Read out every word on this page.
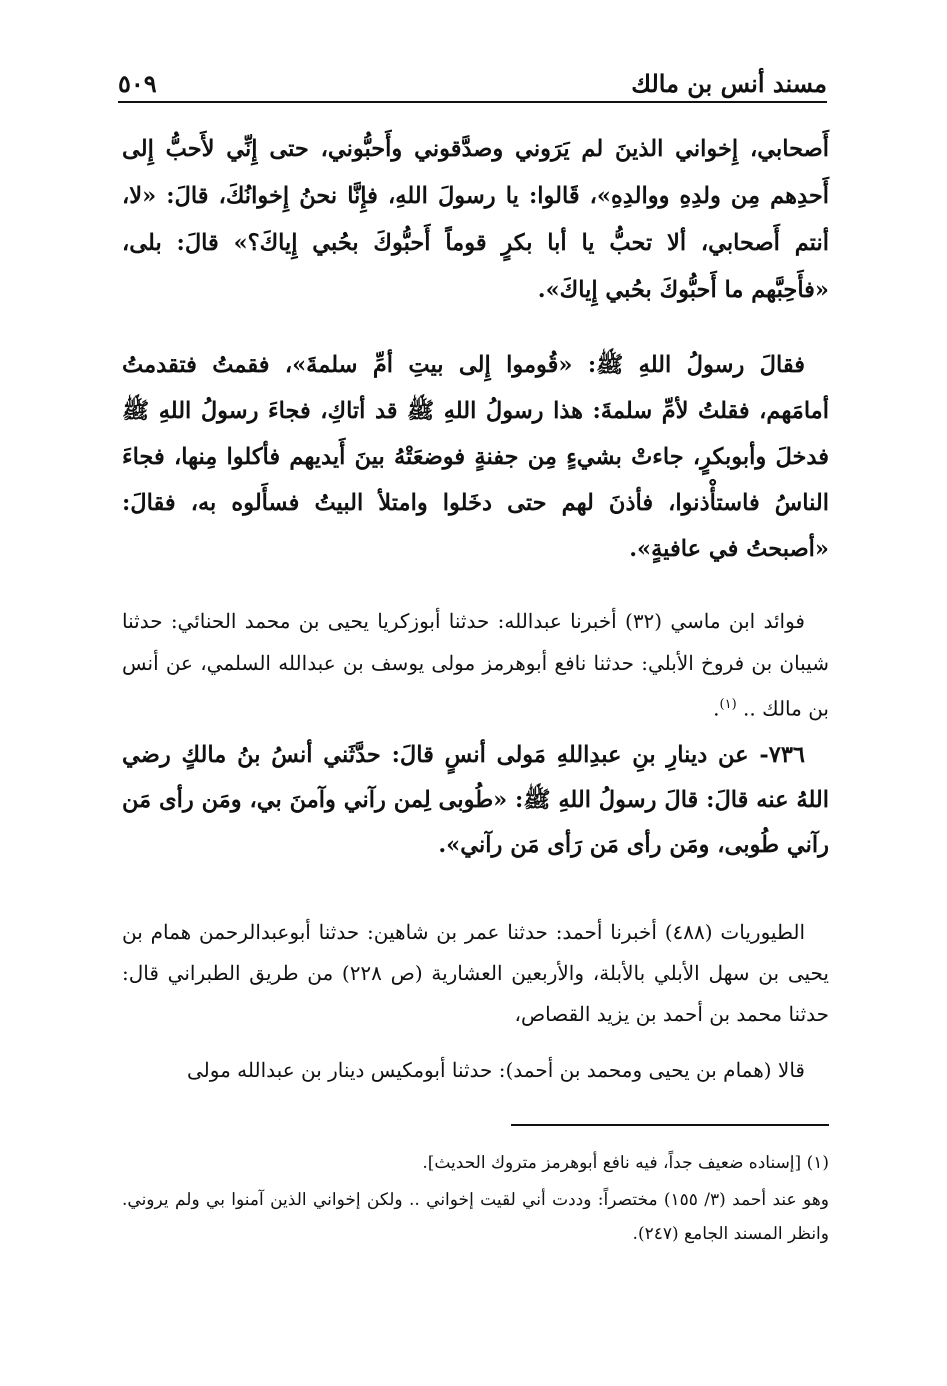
مسند أنس بن مالك
٥٠٩

أَصحابي، إِخواني الذينَ لم يَرَوني وصدَّقوني وأَحبُّوني، حتى إِنِّي لأَحبُّ إِلى أَحدِهم مِن ولدِهِ ووالدِهِ»، قَالوا: يا رسولَ اللهِ، فإِنَّا نحنُ إِخوانُكَ، قالَ: «لا، أنتم أَصحابي، ألا تحبُّ يا أبا بكرٍ قوماً أَحبُّوكَ بحُبي إِياكَ؟» قالَ: بلى، «فأَحِبَّهم ما أَحبُّوكَ بحُبي إِياكَ».

فقالَ رسولُ اللهِ ﷺ: «قُوموا إِلى بيتِ أمِّ سلمةَ»، فقمتُ فتقدمتُ أمامَهم، فقلتُ لأمِّ سلمةَ: هذا رسولُ اللهِ ﷺ قد أتاكِ، فجاءَ رسولُ اللهِ ﷺ فدخلَ وأبوبكرٍ، جاءتْ بشيءٍ مِن جفنةٍ فوضعَتْهُ بينَ أَيديهم فأكلوا مِنها، فجاءَ الناسُ فاستأْذنوا، فأذنَ لهم حتى دخَلوا وامتلأ البيتُ فسأَلوه به، فقالَ: «أصبحتُ في عافيةٍ».

فوائد ابن ماسي (٣٢) أخبرنا عبدالله: حدثنا أبوزكريا يحيى بن محمد الحنائي: حدثنا شيبان بن فروخ الأبلي: حدثنا نافع أبوهرمز مولى يوسف بن عبدالله السلمي، عن أنس بن مالك .. $^{(١)}$.

٧٣٦- عن دينارِ بنِ عبدِاللهِ مَولى أنسٍ قالَ: حدَّثَني أنسُ بنُ مالكٍ رضي اللهُ عنه قالَ: قالَ رسولُ اللهِ ﷺ: «طُوبى لِمن رآني وآمنَ بي، ومَن رأى مَن رآني طُوبى، ومَن رأى مَن رَأى مَن رآني».

الطيوريات (٤٨٨) أخبرنا أحمد: حدثنا عمر بن شاهين: حدثنا أبوعبدالرحمن همام بن يحيى بن سهل الأبلي بالأبلة، والأربعين العشارية (ص ٢٢٨) من طريق الطبراني قال: حدثنا محمد بن أحمد بن يزيد القصاص،

قالا (همام بن يحيى ومحمد بن أحمد): حدثنا أبومكيس دينار بن عبدالله مولى

(١) [إسناده ضعيف جداً، فيه نافع أبوهرمز متروك الحديث].

وهو عند أحمد (٣/ ١٥٥) مختصراً: وددت أني لقيت إخواني .. ولكن إخواني الذين آمنوا بي ولم يروني. وانظر المسند الجامع (٢٤٧).
